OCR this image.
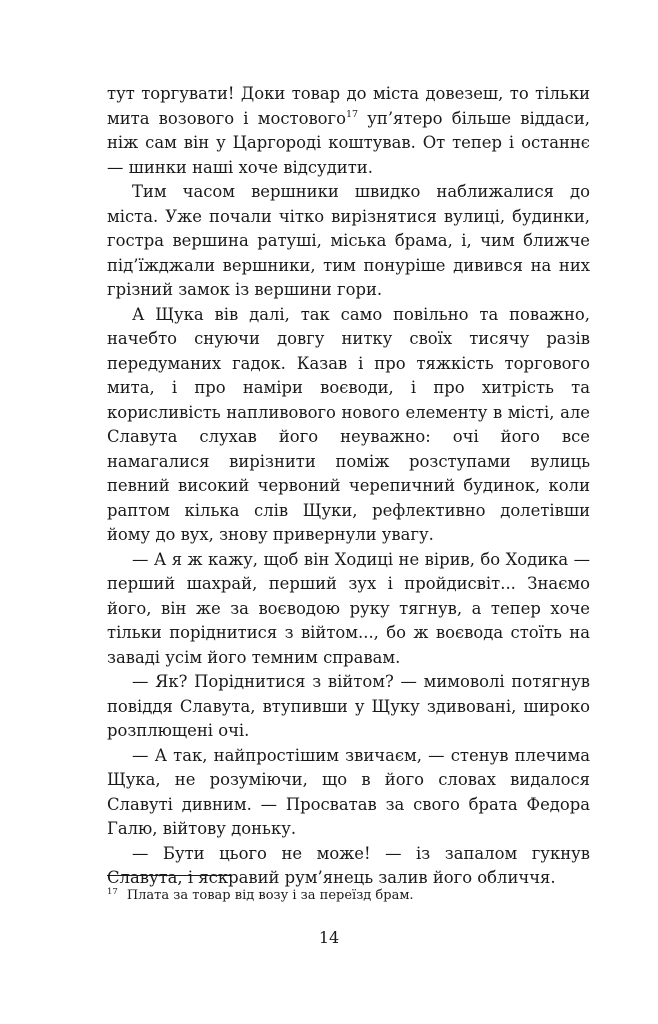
тут торгувати! Доки товар до міста довезеш, то тільки мита возового і мостового$^{17}$ уп’ятеро більше віддаси, ніж сам він у Царгороді коштував. От тепер і останнє — шинки наші хоче відсудити.

Тим часом вершники швидко наближалися до міста. Уже почали чітко вирізнятися вулиці, будинки, гостра вершина ратуші, міська брама, і, чим ближче під’їжджали вершники, тим понуріше дивився на них грізний замок із вершини гори.

А Щука вів далі, так само повільно та поважно, начебто снуючи довгу нитку своїх тисячу разів передуманих гадок. Казав і про тяжкість торгового мита, і про наміри воєводи, і про хитрість та корисливість напливового нового елементу в місті, але Славута слухав його неуважно: очі його все намагалися вирізнити поміж розступами вулиць певний високий червоний черепичний будинок, коли раптом кілька слів Щуки, рефлективно долетівши йому до вух, знову привернули увагу.

— А я ж кажу, щоб він Ходиці не вірив, бо Ходика — перший шахрай, перший зух і пройдисвіт... Знаємо його, він же за воєводою руку тягнув, а тепер хоче тільки поріднитися з війтом..., бо ж воєвода стоїть на заваді усім його темним справам.

— Як? Поріднитися з війтом? — мимоволі потягнув повіддя Славута, втупивши у Щуку здивовані, широко розплющені очі.

— А так, найпростішим звичаєм, — стенув плечима Щука, не розуміючи, що в його словах видалося Славуті дивним. — Просватав за свого брата Федора Галю, війтову доньку.

— Бути цього не може! — із запалом гукнув Славута, і яскравий рум’янець залив його обличчя.

$^{17}$ Плата за товар від возу і за переїзд брам.
14
